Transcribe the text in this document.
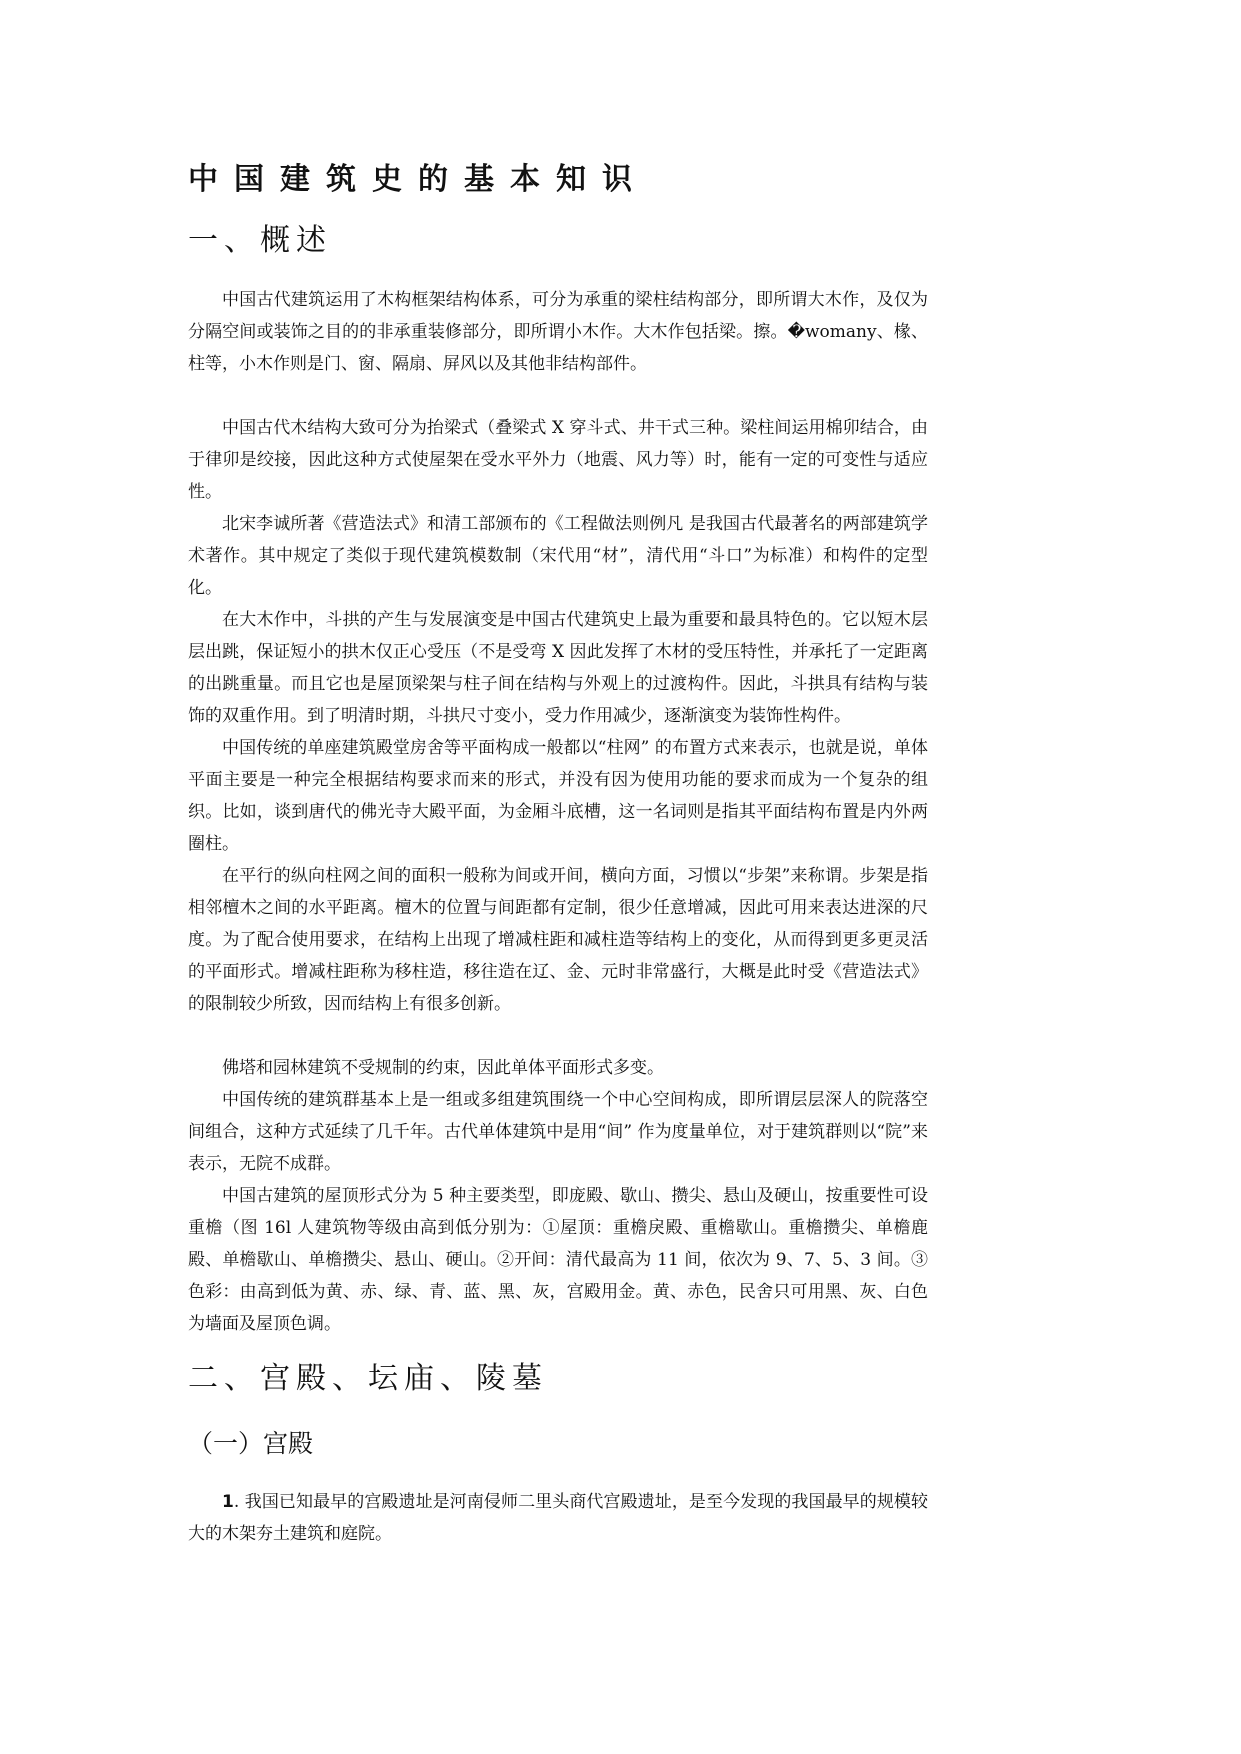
中国建筑史的基本知识
一、概述

中国古代建筑运用了木构框架结构体系，可分为承重的梁柱结构部分，即所谓大木作，及仅为分隔空间或装饰之目的的非承重装修部分，即所谓小木作。大木作包括梁。擦。�womany、椽、柱等，小木作则是门、窗、隔扇、屏风以及其他非结构部件。

中国古代木结构大致可分为抬梁式（叠梁式 X 穿斗式、井干式三种。梁柱间运用棉卯结合，由于律卯是绞接，因此这种方式使屋架在受水平外力（地震、风力等）时，能有一定的可变性与适应性。

北宋李诚所著《营造法式》和清工部颁布的《工程做法则例凡 是我国古代最著名的两部建筑学术著作。其中规定了类似于现代建筑模数制（宋代用“材”，清代用“斗口”为标准）和构件的定型化。

在大木作中，斗拱的产生与发展演变是中国古代建筑史上最为重要和最具特色的。它以短木层层出跳，保证短小的拱木仅正心受压（不是受弯 X 因此发挥了木材的受压特性，并承托了一定距离的出跳重量。而且它也是屋顶梁架与柱子间在结构与外观上的过渡构件。因此，斗拱具有结构与装饰的双重作用。到了明清时期，斗拱尺寸变小，受力作用减少，逐渐演变为装饰性构件。

中国传统的单座建筑殿堂房舍等平面构成一般都以“柱网” 的布置方式来表示，也就是说，单体平面主要是一种完全根据结构要求而来的形式，并没有因为使用功能的要求而成为一个复杂的组织。比如，谈到唐代的佛光寺大殿平面，为金厢斗底槽，这一名词则是指其平面结构布置是内外两圈柱。

在平行的纵向柱网之间的面积一般称为间或开间，横向方面，习惯以“步架”来称谓。步架是指相邻檀木之间的水平距离。檀木的位置与间距都有定制，很少任意增减，因此可用来表达进深的尺度。为了配合使用要求，在结构上出现了增减柱距和减柱造等结构上的变化，从而得到更多更灵活的平面形式。增减柱距称为移柱造，移往造在辽、金、元时非常盛行，大概是此时受《营造法式》的限制较少所致，因而结构上有很多创新。

佛塔和园林建筑不受规制的约束，因此单体平面形式多变。

中国传统的建筑群基本上是一组或多组建筑围绕一个中心空间构成，即所谓层层深人的院落空间组合，这种方式延续了几千年。古代单体建筑中是用“间” 作为度量单位，对于建筑群则以“院”来表示，无院不成群。

中国古建筑的屋顶形式分为 5 种主要类型，即庞殿、歇山、攒尖、悬山及硬山，按重要性可设重檐（图 16l 人建筑物等级由高到低分别为：①屋顶：重檐戾殿、重檐歇山。重檐攒尖、单檐鹿殿、单檐歇山、单檐攒尖、悬山、硬山。②开间：清代最高为 11 间，依次为 9、7、5、3 间。③色彩：由高到低为黄、赤、绿、青、蓝、黑、灰，宫殿用金。黄、赤色，民舍只可用黑、灰、白色为墙面及屋顶色调。

二、宫殿、坛庙、陵墓
（一）宫殿

1. 我国已知最早的宫殿遗址是河南侵师二里头商代宫殿遗址，是至今发现的我国最早的规模较大的木架夯土建筑和庭院。
